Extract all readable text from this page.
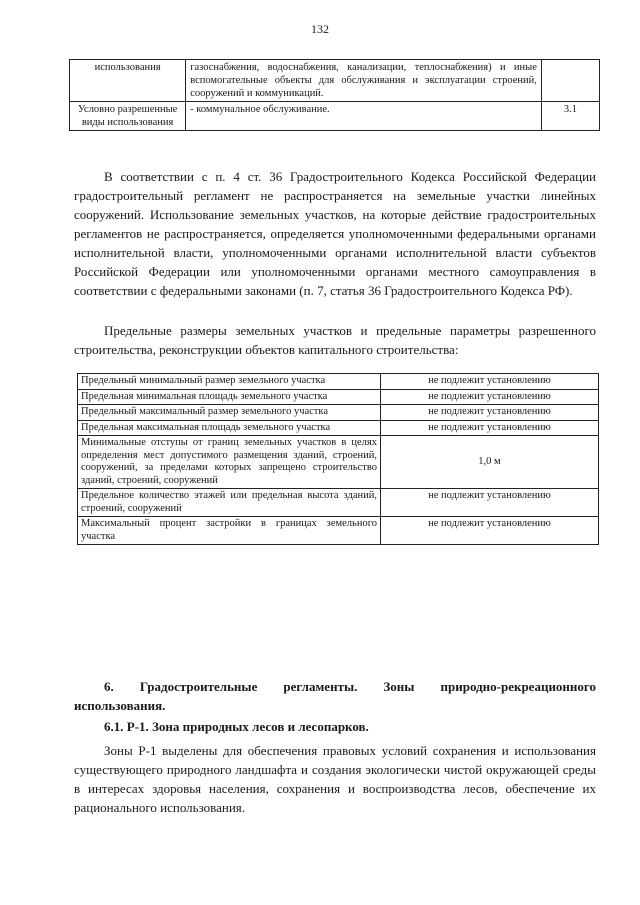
132
использования	газоснабжения, водоснабжения, канализации, теплоснабжения) и иные вспомогательные объекты для обслуживания и эксплуатации строений, сооружений и коммуникаций.	
Условно разрешенные виды использования	- коммунальное обслуживание.	3.1

В соответствии с п. 4 ст. 36 Градостроительного Кодекса Российской Федерации градостроительный регламент не распространяется на земельные участки линейных сооружений. Использование земельных участков, на которые действие градостроительных регламентов не распространяется, определяется уполномоченными федеральными органами исполнительной власти, уполномоченными органами исполнительной власти субъектов Российской Федерации или уполномоченными органами местного самоуправления в соответствии с федеральными законами (п. 7, статья 36 Градостроительного Кодекса РФ).

Предельные размеры земельных участков и предельные параметры разрешенного строительства, реконструкции объектов капитального строительства:

Предельный минимальный размер земельного участка	не подлежит установлению
Предельная минимальная площадь земельного участка	не подлежит установлению
Предельный максимальный размер земельного участка	не подлежит установлению
Предельная максимальная площадь земельного участка	не подлежит установлению
Минимальные отступы от границ земельных участков в целях определения мест допустимого размещения зданий, строений, сооружений, за пределами которых запрещено строительство зданий, строений, сооружений	1,0 м
Предельное количество этажей или предельная высота зданий, строений, сооружений	не подлежит установлению
Максимальный процент застройки в границах земельного участка	не подлежит установлению

6. Градостроительные регламенты. Зоны природно-рекреационного использования.

6.1. Р-1. Зона природных лесов и лесопарков.

Зоны Р-1 выделены для обеспечения правовых условий сохранения и использования существующего природного ландшафта и создания экологически чистой окружающей среды в интересах здоровья населения, сохранения и воспроизводства лесов, обеспечение их рационального использования.
